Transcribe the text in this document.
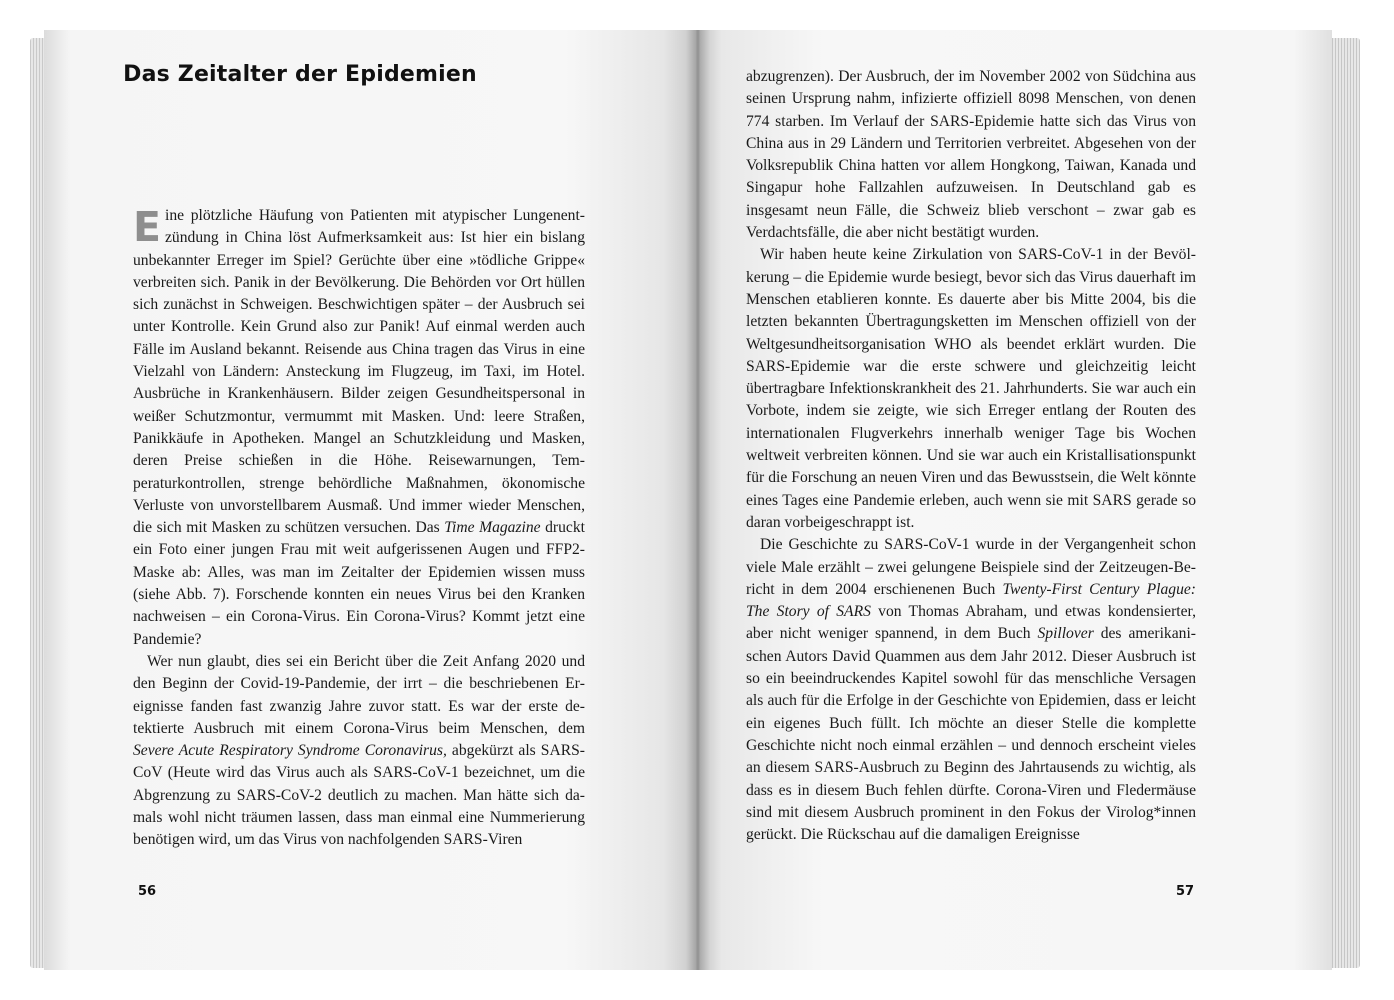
Das Zeitalter der Epidemien

Eine plötzliche Häufung von Patienten mit atypischer Lungenentzündung in China löst Aufmerksamkeit aus: Ist hier ein bislang unbekannter Erreger im Spiel? Gerüchte über eine »tödliche Grippe« verbreiten sich. Panik in der Bevölkerung. Die Behörden vor Ort hüllen sich zunächst in Schweigen. Beschwichtigen später – der Ausbruch sei unter Kontrolle. Kein Grund also zur Panik! Auf einmal werden auch Fälle im Ausland bekannt. Reisende aus China tragen das Virus in eine Vielzahl von Ländern: Ansteckung im Flugzeug, im Taxi, im Hotel. Ausbrüche in Krankenhäusern. Bilder zeigen Gesundheitspersonal in weißer Schutzmontur, vermummt mit Masken. Und: leere Straßen, Panikkäufe in Apotheken. Mangel an Schutzkleidung und Masken, deren Preise schießen in die Höhe. Reisewarnungen, Temperaturkontrollen, strenge behördliche Maßnahmen, ökonomische Verluste von unvorstellbarem Ausmaß. Und immer wieder Menschen, die sich mit Masken zu schützen versuchen. Das Time Magazine druckt ein Foto einer jungen Frau mit weit aufgerissenen Augen und FFP2-Maske ab: Alles, was man im Zeitalter der Epidemien wissen muss (siehe Abb. 7). Forschende konnten ein neues Virus bei den Kranken nachweisen – ein Corona-Virus. Ein Corona-Virus? Kommt jetzt eine Pandemie?

Wer nun glaubt, dies sei ein Bericht über die Zeit Anfang 2020 und den Beginn der Covid-19-Pandemie, der irrt – die beschriebenen Ereignisse fanden fast zwanzig Jahre zuvor statt. Es war der erste detektierte Ausbruch mit einem Corona-Virus beim Menschen, dem Severe Acute Respiratory Syndrome Coronavirus, abgekürzt als SARS-CoV (Heute wird das Virus auch als SARS-CoV-1 bezeichnet, um die Abgrenzung zu SARS-CoV-2 deutlich zu machen. Man hätte sich damals wohl nicht träumen lassen, dass man einmal eine Nummerierung benötigen wird, um das Virus von nachfolgenden SARS-Viren

56

abzugrenzen). Der Ausbruch, der im November 2002 von Südchina aus seinen Ursprung nahm, infizierte offiziell 8098 Menschen, von denen 774 starben. Im Verlauf der SARS-Epidemie hatte sich das Virus von China aus in 29 Ländern und Territorien verbreitet. Abgesehen von der Volksrepublik China hatten vor allem Hongkong, Taiwan, Kanada und Singapur hohe Fallzahlen aufzuweisen. In Deutschland gab es insgesamt neun Fälle, die Schweiz blieb verschont – zwar gab es Verdachtsfälle, die aber nicht bestätigt wurden.

Wir haben heute keine Zirkulation von SARS-CoV-1 in der Bevölkerung – die Epidemie wurde besiegt, bevor sich das Virus dauerhaft im Menschen etablieren konnte. Es dauerte aber bis Mitte 2004, bis die letzten bekannten Übertragungsketten im Menschen offiziell von der Weltgesundheitsorganisation WHO als beendet erklärt wurden. Die SARS-Epidemie war die erste schwere und gleichzeitig leicht übertragbare Infektionskrankheit des 21. Jahrhunderts. Sie war auch ein Vorbote, indem sie zeigte, wie sich Erreger entlang der Routen des internationalen Flugverkehrs innerhalb weniger Tage bis Wochen weltweit verbreiten können. Und sie war auch ein Kristallisationspunkt für die Forschung an neuen Viren und das Bewusstsein, die Welt könnte eines Tages eine Pandemie erleben, auch wenn sie mit SARS gerade so daran vorbeigeschrappt ist.

Die Geschichte zu SARS-CoV-1 wurde in der Vergangenheit schon viele Male erzählt – zwei gelungene Beispiele sind der Zeitzeugen-Bericht in dem 2004 erschienenen Buch Twenty-First Century Plague: The Story of SARS von Thomas Abraham, und etwas kondensierter, aber nicht weniger spannend, in dem Buch Spillover des amerikanischen Autors David Quammen aus dem Jahr 2012. Dieser Ausbruch ist so ein beeindruckendes Kapitel sowohl für das menschliche Versagen als auch für die Erfolge in der Geschichte von Epidemien, dass er leicht ein eigenes Buch füllt. Ich möchte an dieser Stelle die komplette Geschichte nicht noch einmal erzählen – und dennoch erscheint vieles an diesem SARS-Ausbruch zu Beginn des Jahrtausends zu wichtig, als dass es in diesem Buch fehlen dürfte. Corona-Viren und Fledermäuse sind mit diesem Ausbruch prominent in den Fokus der Virolog*innen gerückt. Die Rückschau auf die damaligen Ereignisse

57
